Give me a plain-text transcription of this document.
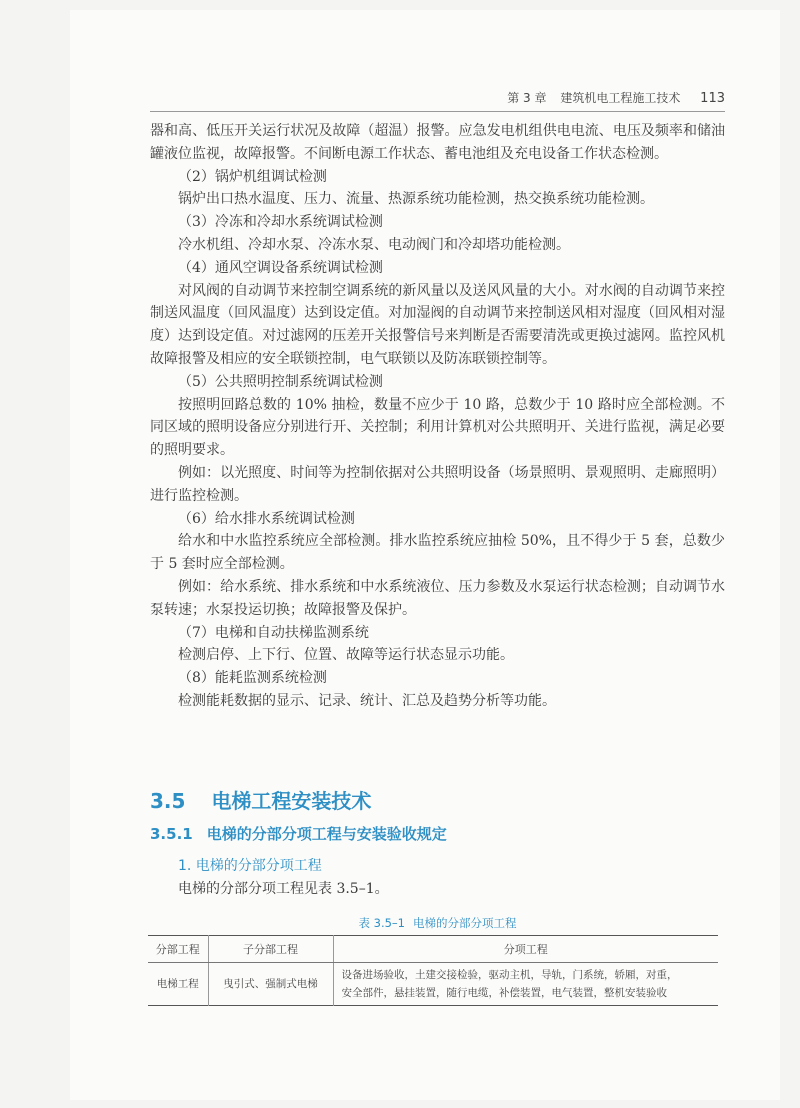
第 3 章 建筑机电工程施工技术 113

器和高、低压开关运行状况及故障（超温）报警。应急发电机组供电电流、电压及频率和储油罐液位监视，故障报警。不间断电源工作状态、蓄电池组及充电设备工作状态检测。

（2）锅炉机组调试检测

锅炉出口热水温度、压力、流量、热源系统功能检测，热交换系统功能检测。

（3）冷冻和冷却水系统调试检测

冷水机组、冷却水泵、冷冻水泵、电动阀门和冷却塔功能检测。

（4）通风空调设备系统调试检测

对风阀的自动调节来控制空调系统的新风量以及送风风量的大小。对水阀的自动调节来控制送风温度（回风温度）达到设定值。对加湿阀的自动调节来控制送风相对湿度（回风相对湿度）达到设定值。对过滤网的压差开关报警信号来判断是否需要清洗或更换过滤网。监控风机故障报警及相应的安全联锁控制，电气联锁以及防冻联锁控制等。

（5）公共照明控制系统调试检测

按照明回路总数的 10% 抽检，数量不应少于 10 路，总数少于 10 路时应全部检测。不同区域的照明设备应分别进行开、关控制；利用计算机对公共照明开、关进行监视，满足必要的照明要求。

例如：以光照度、时间等为控制依据对公共照明设备（场景照明、景观照明、走廊照明）进行监控检测。

（6）给水排水系统调试检测

给水和中水监控系统应全部检测。排水监控系统应抽检 50%，且不得少于 5 套，总数少于 5 套时应全部检测。

例如：给水系统、排水系统和中水系统液位、压力参数及水泵运行状态检测；自动调节水泵转速；水泵投运切换；故障报警及保护。

（7）电梯和自动扶梯监测系统

检测启停、上下行、位置、故障等运行状态显示功能。

（8）能耗监测系统检测

检测能耗数据的显示、记录、统计、汇总及趋势分析等功能。

3.5 电梯工程安装技术
3.5.1 电梯的分部分项工程与安装验收规定
1. 电梯的分部分项工程
电梯的分部分项工程见表 3.5–1。
表 3.5–1 电梯的分部分项工程
分部工程	子分部工程	分项工程
电梯工程	曳引式、强制式电梯	设备进场验收，土建交接检验，驱动主机，导轨，门系统，轿厢，对重，
安全部件，悬挂装置，随行电缆，补偿装置，电气装置，整机安装验收
